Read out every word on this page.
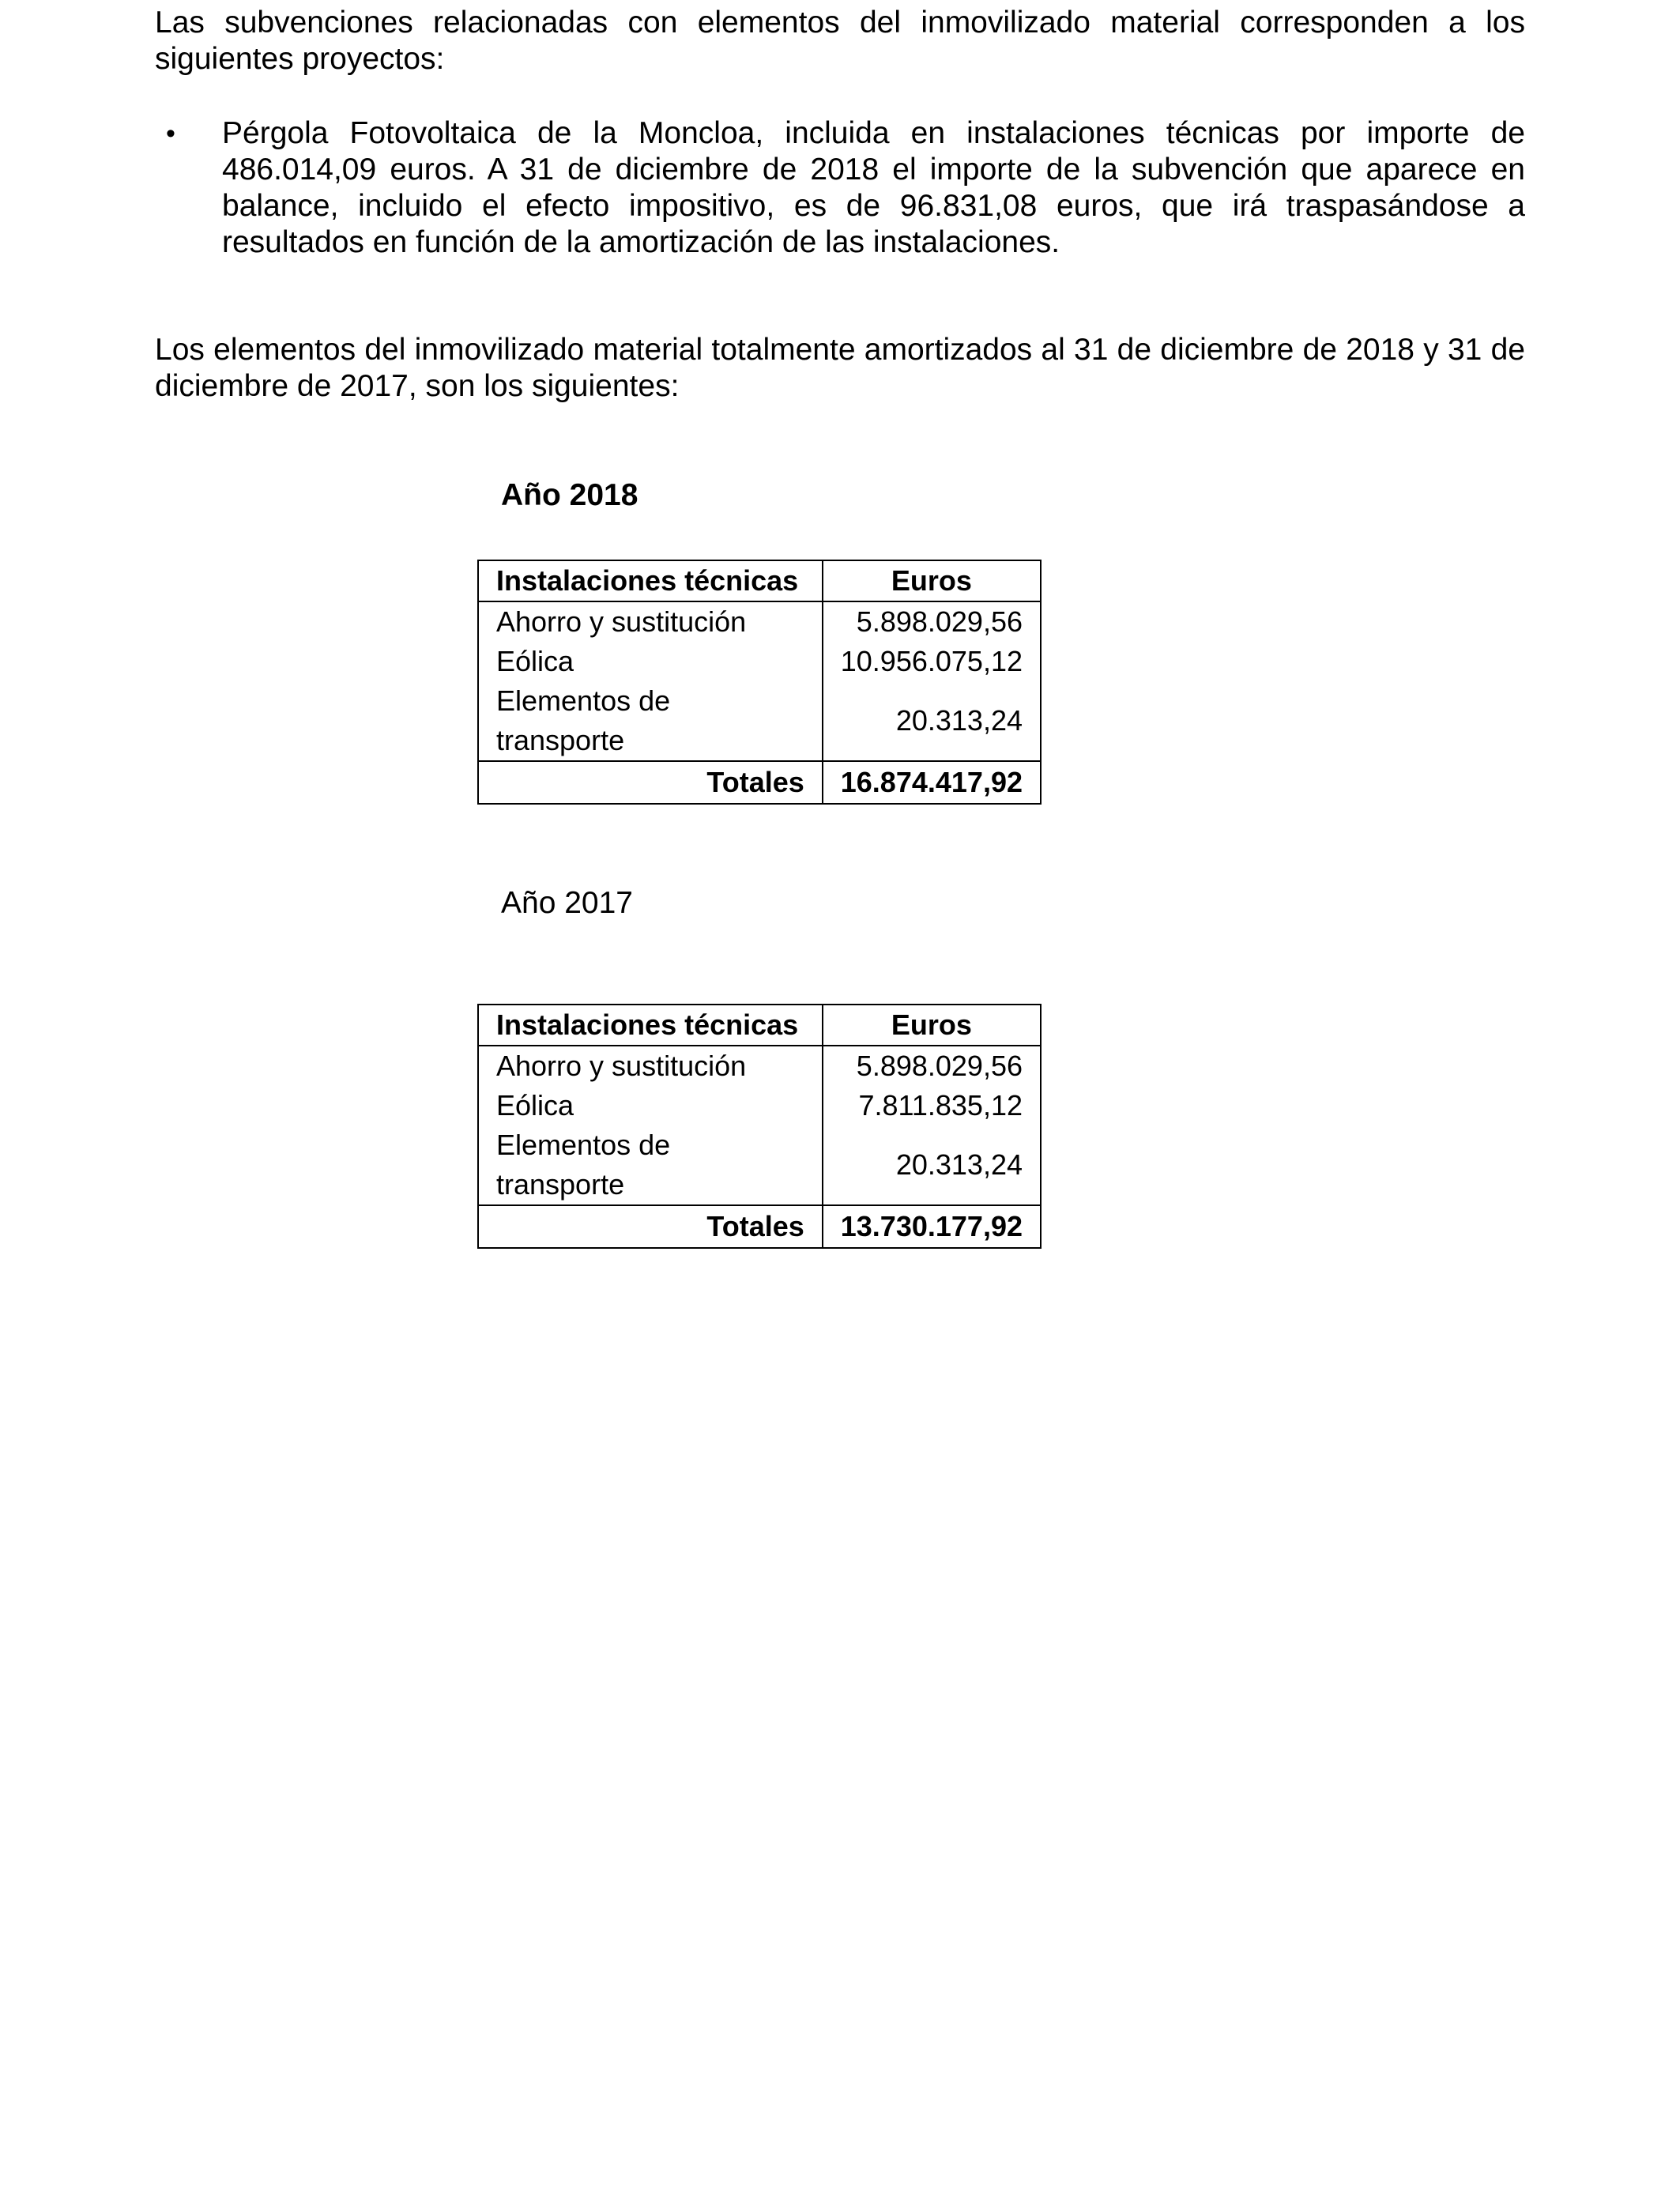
Las subvenciones relacionadas con elementos del inmovilizado material corresponden a los siguientes proyectos:

• Pérgola Fotovoltaica de la Moncloa, incluida en instalaciones técnicas por importe de 486.014,09 euros. A 31 de diciembre de 2018 el importe de la subvención que aparece en balance, incluido el efecto impositivo, es de 96.831,08 euros, que irá traspasándose a resultados en función de la amortización de las instalaciones.

Los elementos del inmovilizado material totalmente amortizados al 31 de diciembre de 2018 y 31 de diciembre de 2017, son los siguientes:

Año 2018

Instalaciones técnicas	Euros
Ahorro y sustitución	5.898.029,56
Eólica	10.956.075,12
Elementos de transporte	20.313,24
Totales	16.874.417,92

Año 2017

Instalaciones técnicas	Euros
Ahorro y sustitución	5.898.029,56
Eólica	7.811.835,12
Elementos de transporte	20.313,24
Totales	13.730.177,92
